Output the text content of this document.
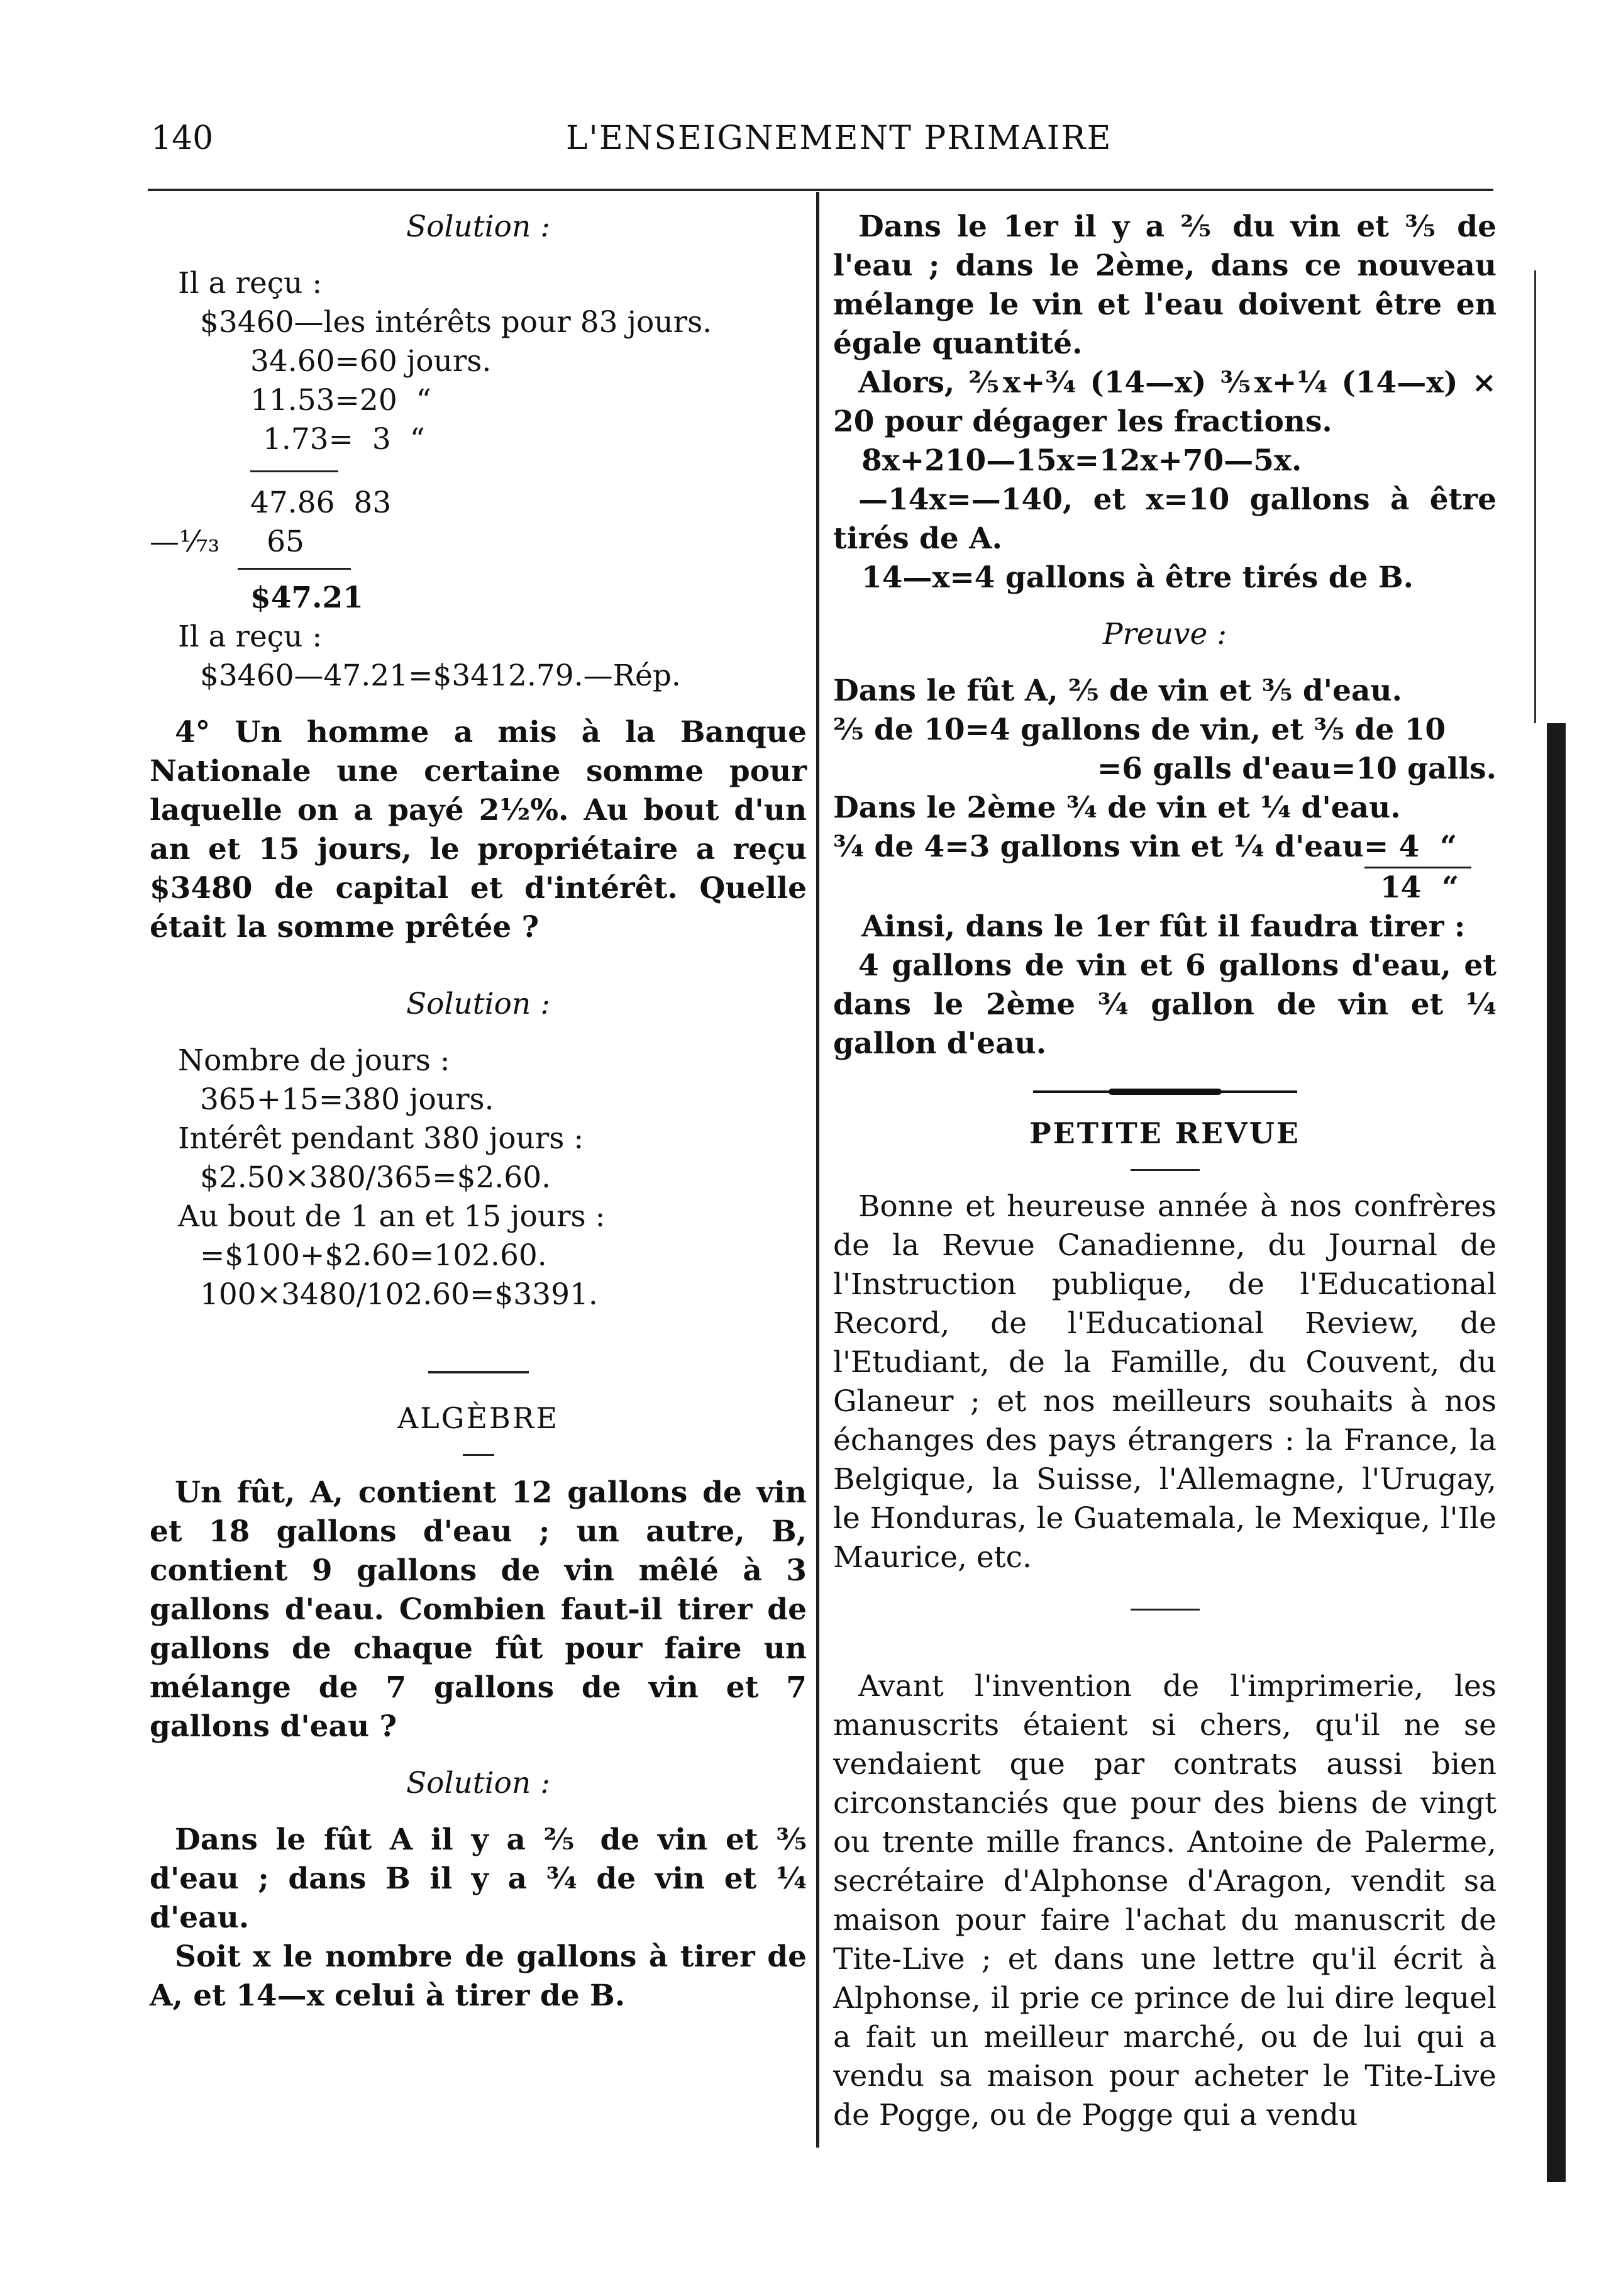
140	L'ENSEIGNEMENT PRIMAIRE

Solution :

Il a reçu :

$3460—les intérêts pour 83 jours.

34.60=60 jours.

11.53=20  “

1.73=  3  “

47.86  83

—¹⁄₇₃     65

$47.21

Il a reçu :

$3460—47.21=$3412.79.—Rép.

4° Un homme a mis à la Banque Nationale une certaine somme pour laquelle on a payé 2½%. Au bout d'un an et 15 jours, le propriétaire a reçu $3480 de capital et d'intérêt. Quelle était la somme prêtée ?

Solution :

Nombre de jours :

365+15=380 jours.

Intérêt pendant 380 jours :

$2.50×380/365=$2.60.

Au bout de 1 an et 15 jours :

=$100+$2.60=102.60.

100×3480/102.60=$3391.

ALGÈBRE

Un fût, A, contient 12 gallons de vin et 18 gallons d'eau ; un autre, B, contient 9 gallons de vin mêlé à 3 gallons d'eau. Combien faut-il tirer de gallons de chaque fût pour faire un mélange de 7 gallons de vin et 7 gallons d'eau ?

Solution :

Dans le fût A il y a ⅖ de vin et ⅗ d'eau ; dans B il y a ¾ de vin et ¼ d'eau.

Soit x le nombre de gallons à tirer de A, et 14—x celui à tirer de B.

Dans le 1er il y a ⅖ du vin et ⅗ de l'eau ; dans le 2ème, dans ce nouveau mélange le vin et l'eau doivent être en égale quantité.

Alors, ⅖x+¾ (14—x) ⅗x+¼ (14—x) × 20 pour dégager les fractions.

8x+210—15x=12x+70—5x.

—14x=—140, et x=10 gallons à être tirés de A.

14—x=4 gallons à être tirés de B.

Preuve :

Dans le fût A, ⅖ de vin et ⅗ d'eau.

⅖ de 10=4 gallons de vin, et ⅗ de 10

=6 galls d'eau=10 galls.

Dans le 2ème ¾ de vin et ¼ d'eau.

¾ de 4=3 gallons vin et ¼ d'eau= 4  “

14  “

Ainsi, dans le 1er fût il faudra tirer :

4 gallons de vin et 6 gallons d'eau, et dans le 2ème ¾ gallon de vin et ¼ gallon d'eau.

PETITE REVUE

Bonne et heureuse année à nos confrères de la Revue Canadienne, du Journal de l'Instruction publique, de l'Educational Record, de l'Educational Review, de l'Etudiant, de la Famille, du Couvent, du Glaneur ; et nos meilleurs souhaits à nos échanges des pays étrangers : la France, la Belgique, la Suisse, l'Allemagne, l'Urugay, le Honduras, le Guatemala, le Mexique, l'Ile Maurice, etc.

Avant l'invention de l'imprimerie, les manuscrits étaient si chers, qu'il ne se vendaient que par contrats aussi bien circonstanciés que pour des biens de vingt ou trente mille francs. Antoine de Palerme, secrétaire d'Alphonse d'Aragon, vendit sa maison pour faire l'achat du manuscrit de Tite-Live ; et dans une lettre qu'il écrit à Alphonse, il prie ce prince de lui dire lequel a fait un meilleur marché, ou de lui qui a vendu sa maison pour acheter le Tite-Live de Pogge, ou de Pogge qui a vendu
